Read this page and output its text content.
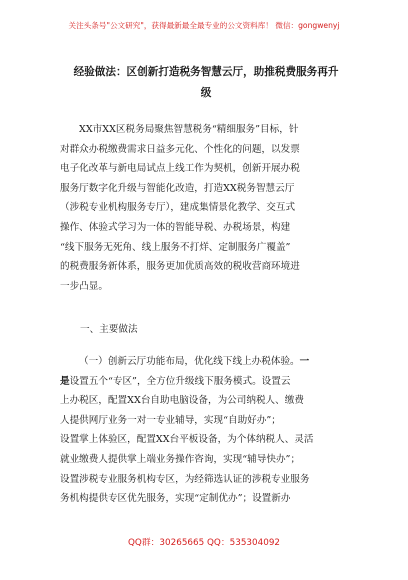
关注头条号"公文研究"，获得最新最全最专业的公文资料库！ 微信：gongwenyj
经验做法：区创新打造税务智慧云厅，助推税费服务再升
级

XX市XX区税务局聚焦智慧税务“精细服务”目标，针
对群众办税缴费需求日益多元化、个性化的问题，以发票
电子化改革与新电局试点上线工作为契机，创新开展办税
服务厅数字化升级与智能化改造，打造XX税务智慧云厅
（涉税专业机构服务专厅），建成集情景化教学、交互式
操作、体验式学习为一体的智能导税、办税场景，构建
“线下服务无死角、线上服务不打烊、定制服务广覆盖”
的税费服务新体系，服务更加优质高效的税收营商环境进
一步凸显。

一、主要做法

（一）创新云厅功能布局，优化线下线上办税体验。一
是设置五个“专区”，全方位升级线下服务模式。设置云
上办税区，配置XX台自助电脑设备，为公司纳税人、缴费
人提供网厅业务一对一专业辅导，实现“自助好办”；
设置掌上体验区，配置XX台平板设备，为个体纳税人、灵活
就业缴费人提供掌上端业务操作咨询，实现“辅导快办”；
设置涉税专业服务机构专区，为经筛选认证的涉税专业服务
务机构提供专区优先服务，实现“定制优办”；设置新办

QQ群：30265665 QQ：535304092
